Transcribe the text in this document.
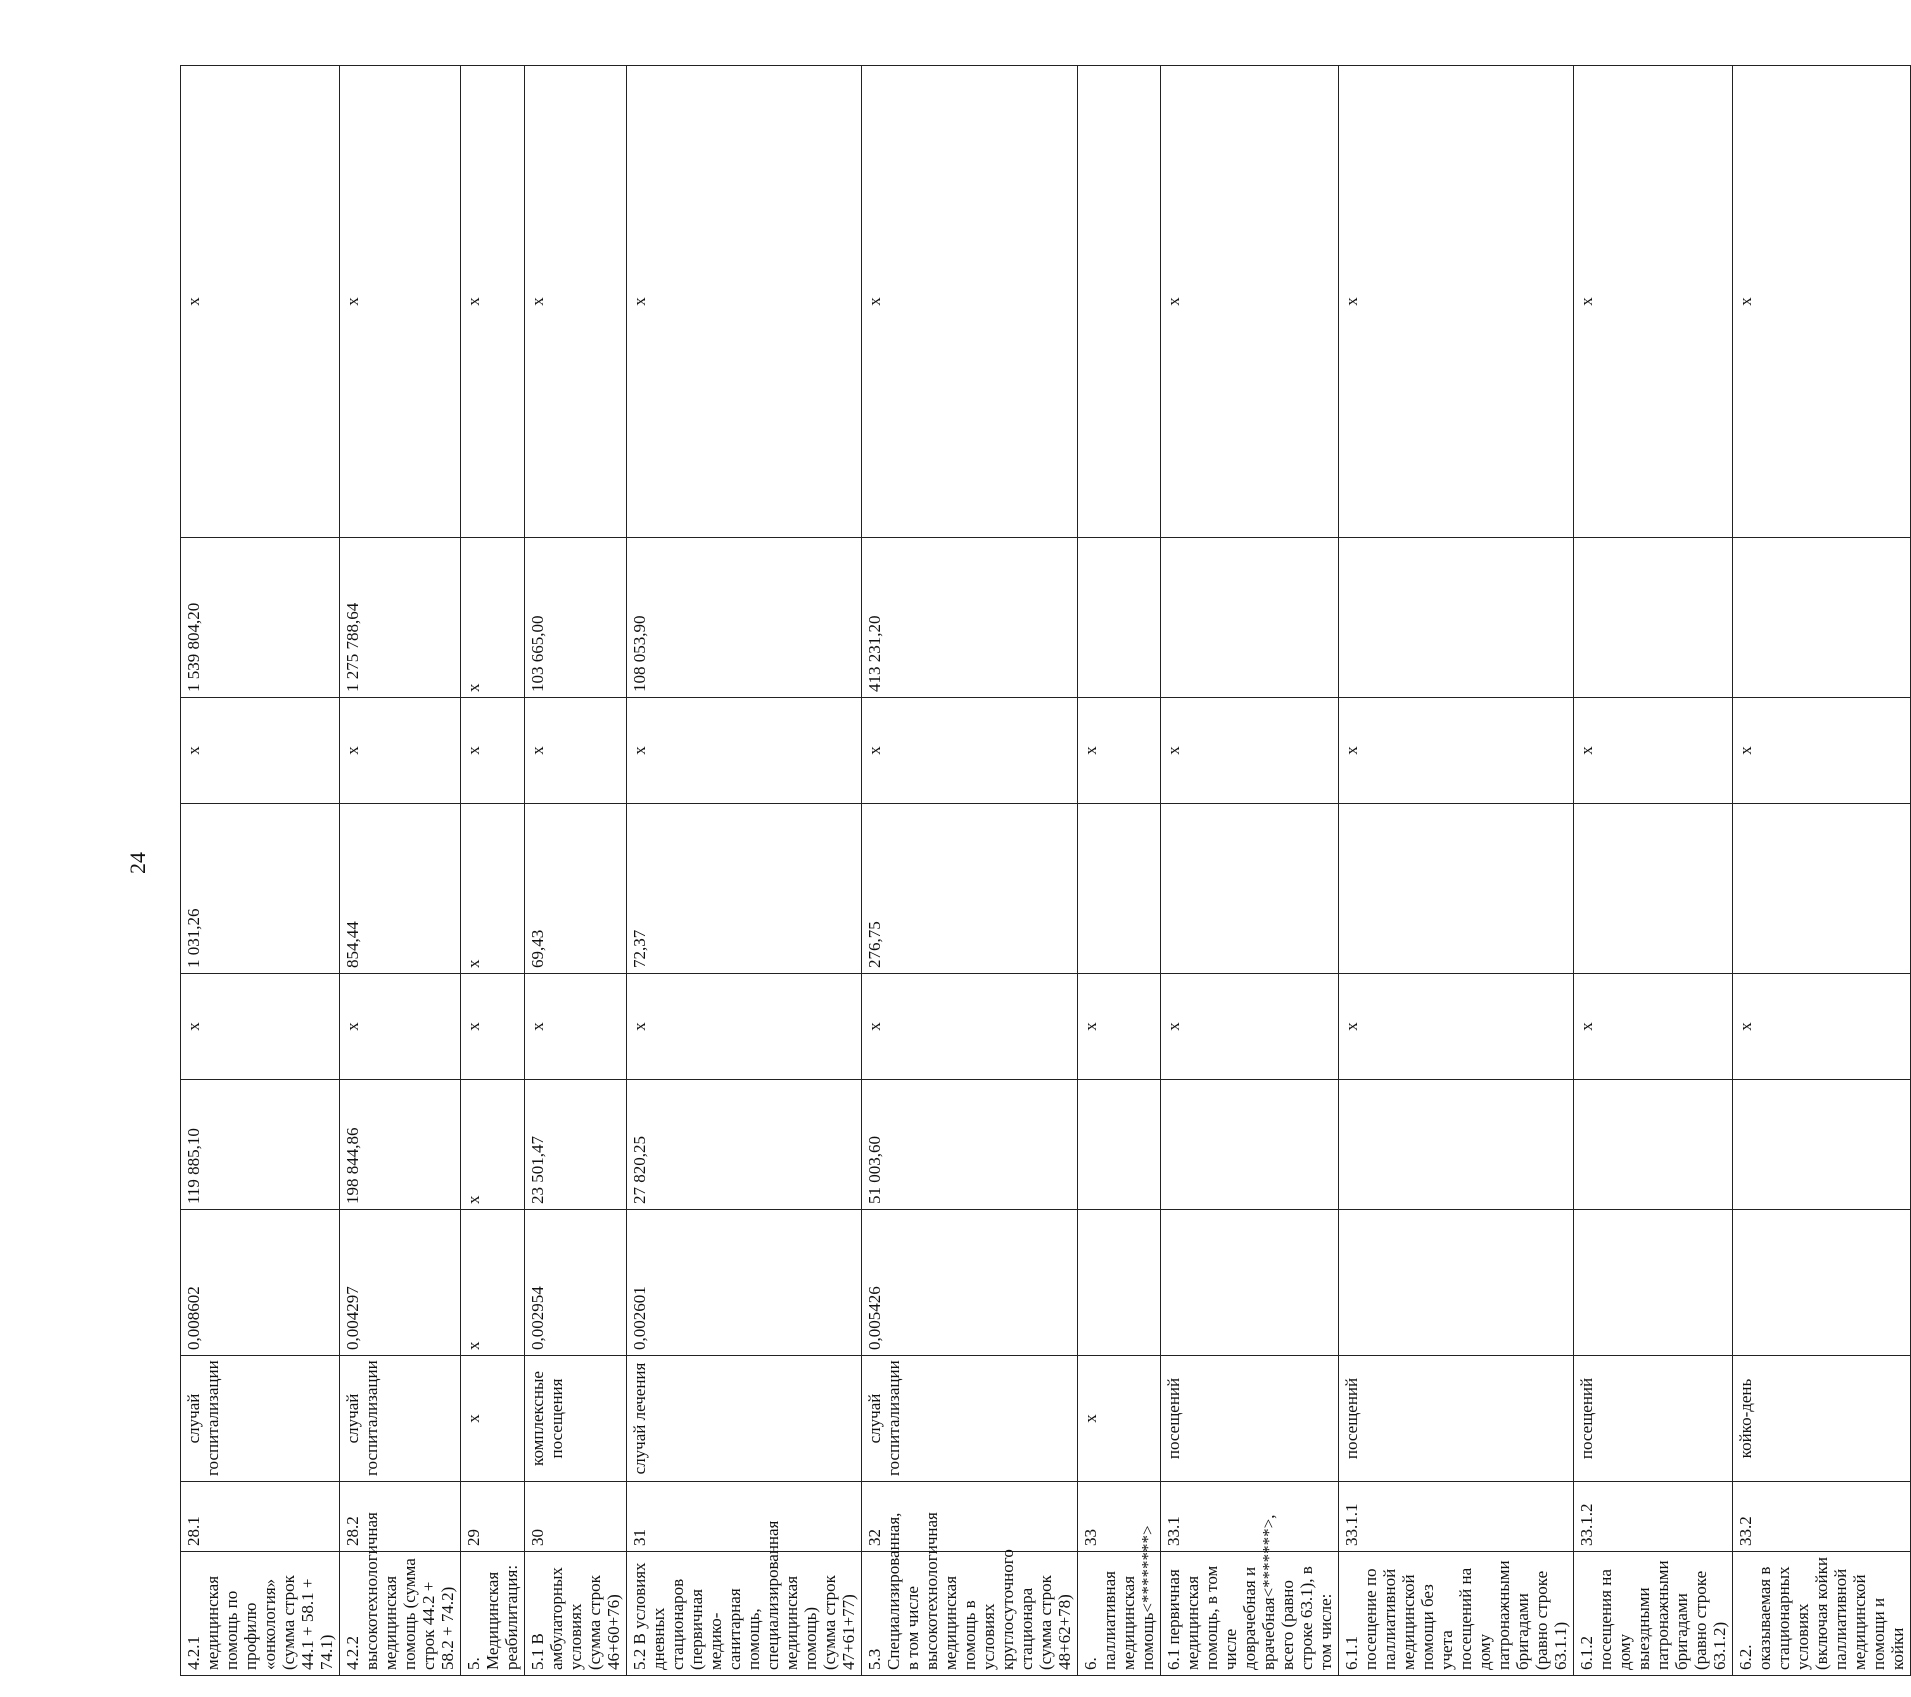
24
4.2.1 медицинская помощь по профилю «онкология» (сумма строк 44.1 + 58.1 + 74.1)	28.1	случай госпитализации	0,008602	119 885,10	х	1 031,26	х	1 539 804,20	х
4.2.2 высокотехнологичная медицинская помощь (сумма строк 44.2 + 58.2 + 74.2)	28.2	случай госпитализации	0,004297	198 844,86	х	854,44	х	1 275 788,64	х
5. Медицинская реабилитация:	29	х	х	х	х	х	х	х	х
5.1 В амбулаторных условиях (сумма строк 46+60+76)	30	комплексные посещения	0,002954	23 501,47	х	69,43	х	103 665,00	х
5.2 В условиях дневных стационаров (первичная медико-санитарная помощь, специализированная медицинская помощь) (сумма строк 47+61+77)	31	случай лечения	0,002601	27 820,25	х	72,37	х	108 053,90	х
5.3 Специализированная, в том числе высокотехнологичная медицинская помощь в условиях круглосуточного стационара (сумма строк 48+62+78)	32	случай госпитализации	0,005426	51 003,60	х	276,75	х	413 231,20	х
6. паллиативная медицинская помощь<********>	33	х			х		х		
6.1 первичная медицинская помощь, в том числе доврачебная и врачебная<*******>, всего (равно строке 63.1), в том числе:	33.1	посещений			х		х		х
6.1.1 посещение по паллиативной медицинской помощи без учета посещений на дому патронажными бригадами (равно строке 63.1.1)	33.1.1	посещений			х		х		х
6.1.2 посещения на дому выездными патронажными бригадами (равно строке 63.1.2)	33.1.2	посещений			х		х		х
6.2. оказываемая в стационарных условиях (включая койки паллиативной медицинской помощи и койки	33.2	койко-день			х		х		х
